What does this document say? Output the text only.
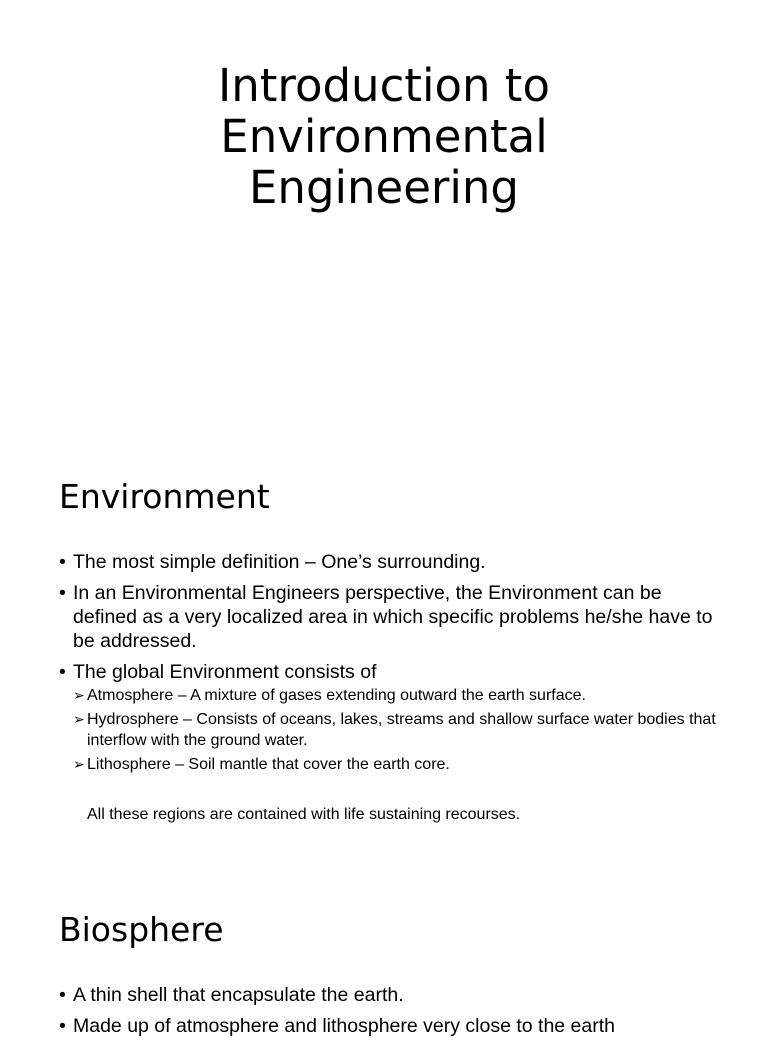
Introduction to
Environmental
Engineering
Environment
• The most simple definition – One’s surrounding.
• In an Environmental Engineers perspective, the Environment can be defined as a very localized area in which specific problems he/she have to be addressed.
• The global Environment consists of
➢ Atmosphere – A mixture of gases extending outward the earth surface.
➢ Hydrosphere – Consists of oceans, lakes, streams and shallow surface water bodies that interflow with the ground water.
➢ Lithosphere – Soil mantle that cover the earth core.
All these regions are contained with life sustaining recourses.
Biosphere
• A thin shell that encapsulate the earth.
• Made up of atmosphere and lithosphere very close to the earth
